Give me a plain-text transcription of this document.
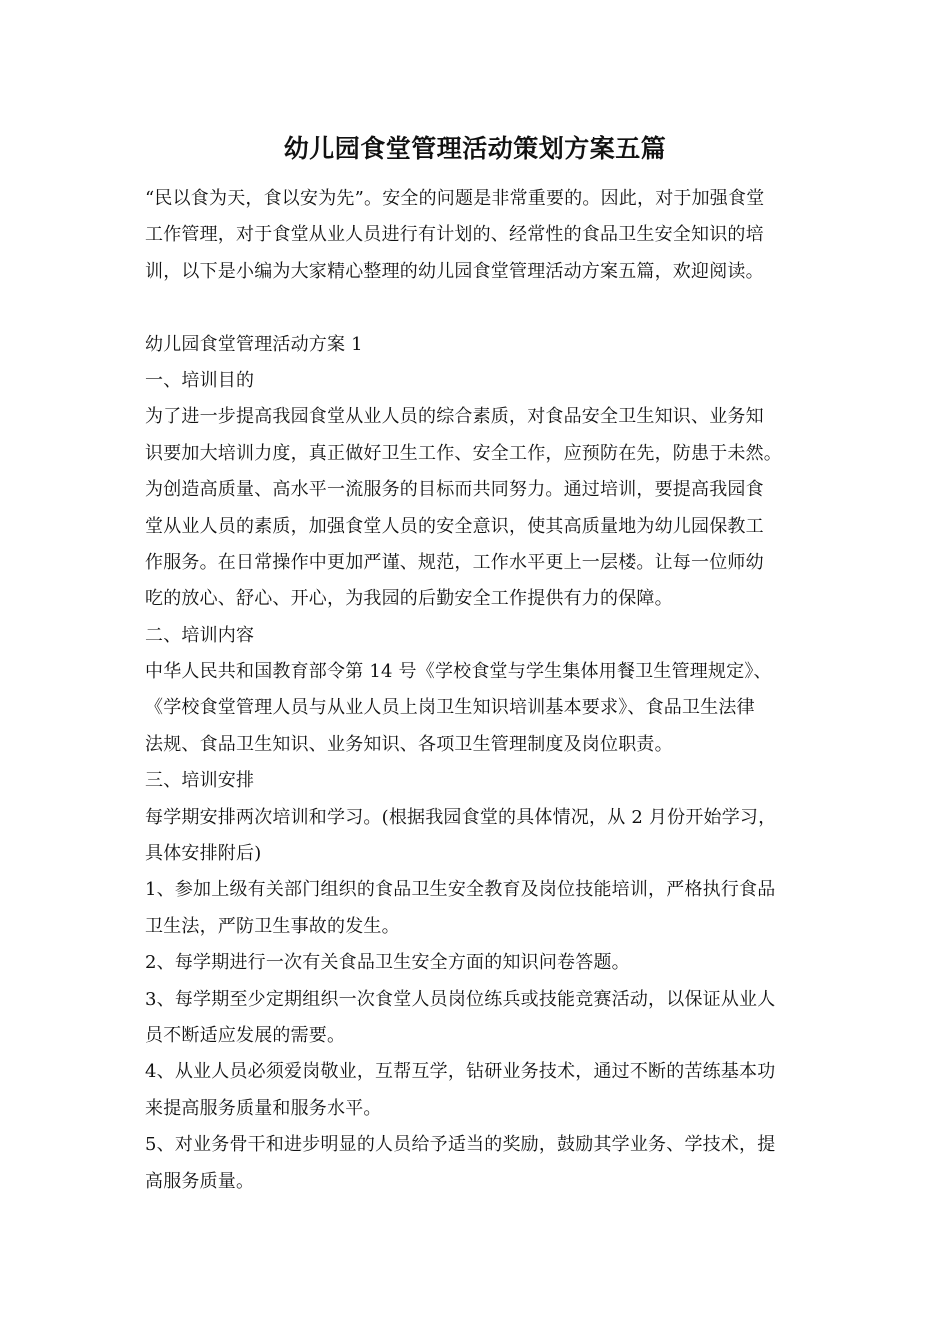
幼儿园食堂管理活动策划方案五篇
“民以食为天，食以安为先”。安全的问题是非常重要的。因此，对于加强食堂
工作管理，对于食堂从业人员进行有计划的、经常性的食品卫生安全知识的培
训，以下是小编为大家精心整理的幼儿园食堂管理活动方案五篇，欢迎阅读。
幼儿园食堂管理活动方案 1
一、培训目的
为了进一步提高我园食堂从业人员的综合素质，对食品安全卫生知识、业务知
识要加大培训力度，真正做好卫生工作、安全工作，应预防在先，防患于未然。
为创造高质量、高水平一流服务的目标而共同努力。通过培训，要提高我园食
堂从业人员的素质，加强食堂人员的安全意识，使其高质量地为幼儿园保教工
作服务。在日常操作中更加严谨、规范，工作水平更上一层楼。让每一位师幼
吃的放心、舒心、开心，为我园的后勤安全工作提供有力的保障。
二、培训内容
中华人民共和国教育部令第 14 号《学校食堂与学生集体用餐卫生管理规定》、
《学校食堂管理人员与从业人员上岗卫生知识培训基本要求》、食品卫生法律
法规、食品卫生知识、业务知识、各项卫生管理制度及岗位职责。
三、培训安排
每学期安排两次培训和学习。(根据我园食堂的具体情况，从 2 月份开始学习，
具体安排附后)
1、参加上级有关部门组织的食品卫生安全教育及岗位技能培训，严格执行食品
卫生法，严防卫生事故的发生。
2、每学期进行一次有关食品卫生安全方面的知识问卷答题。
3、每学期至少定期组织一次食堂人员岗位练兵或技能竞赛活动，以保证从业人
员不断适应发展的需要。
4、从业人员必须爱岗敬业，互帮互学，钻研业务技术，通过不断的苦练基本功
来提高服务质量和服务水平。
5、对业务骨干和进步明显的人员给予适当的奖励，鼓励其学业务、学技术，提
高服务质量。
